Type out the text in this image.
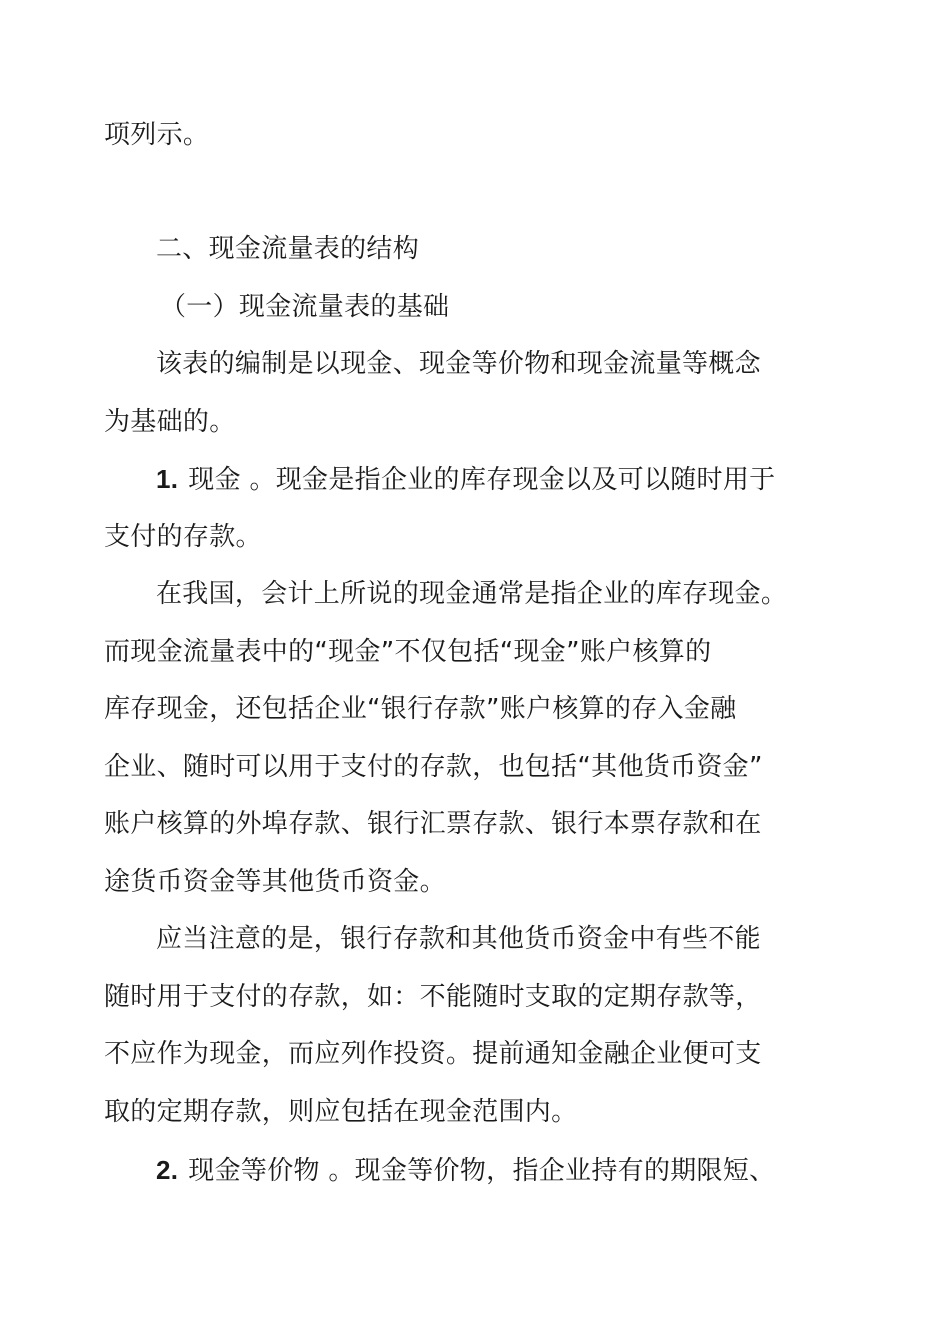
项列示。
二、现金流量表的结构
（一）现金流量表的基础
该表的编制是以现金、现金等价物和现金流量等概念
为基础的。
1. 现金 。现金是指企业的库存现金以及可以随时用于
支付的存款。
在我国，会计上所说的现金通常是指企业的库存现金。
而现金流量表中的“现金”不仅包括“现金”账户核算的
库存现金，还包括企业“银行存款”账户核算的存入金融
企业、随时可以用于支付的存款，也包括“其他货币资金”
账户核算的外埠存款、银行汇票存款、银行本票存款和在
途货币资金等其他货币资金。
应当注意的是，银行存款和其他货币资金中有些不能
随时用于支付的存款，如：不能随时支取的定期存款等，
不应作为现金，而应列作投资。提前通知金融企业便可支
取的定期存款，则应包括在现金范围内。
2. 现金等价物 。现金等价物，指企业持有的期限短、
